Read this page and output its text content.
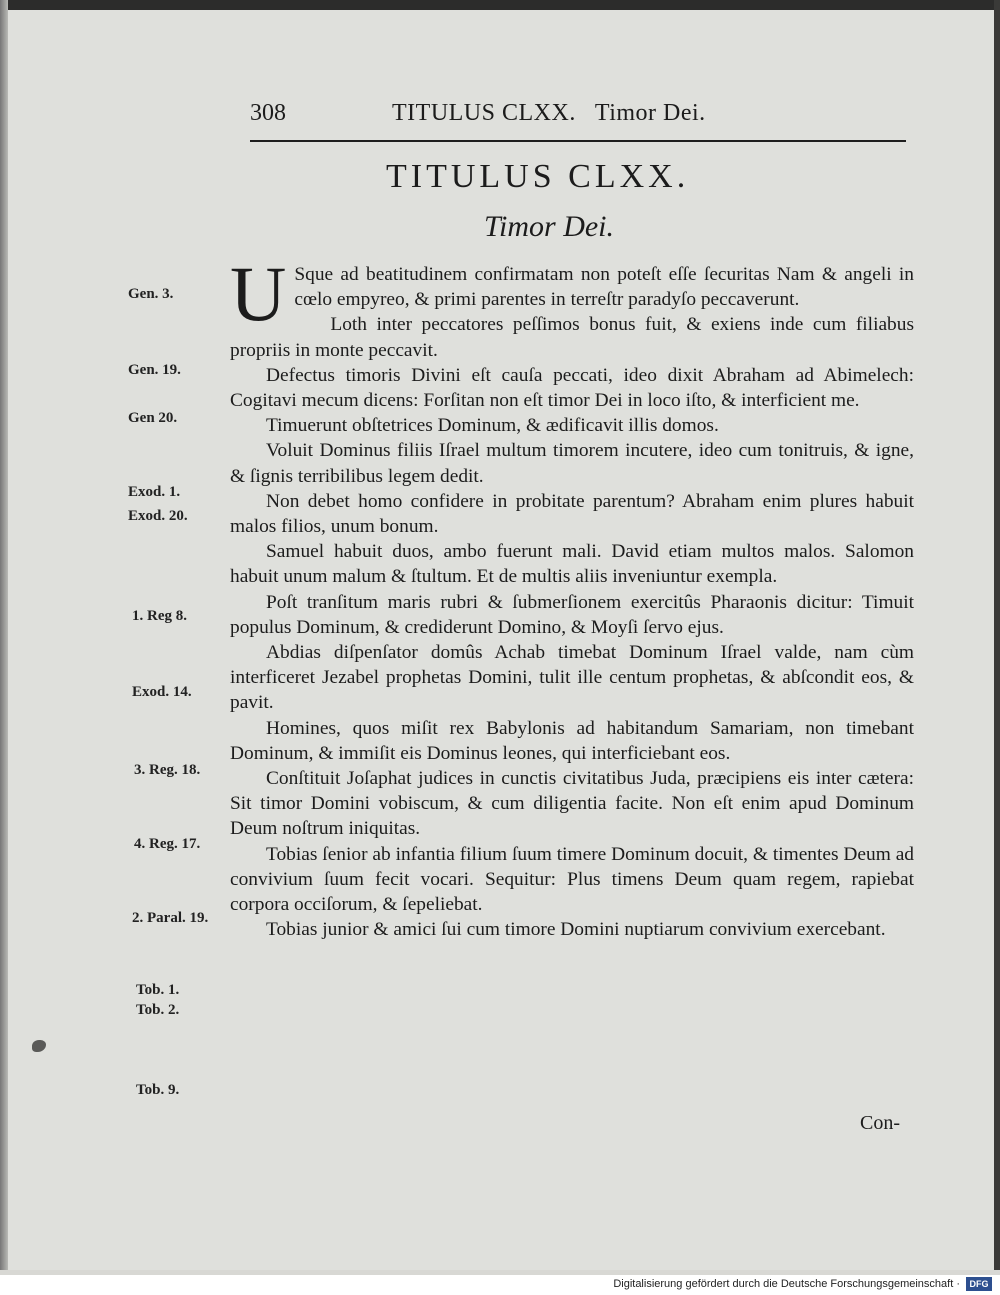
308	TITULUS CLXX.   Timor Dei.
TITULUS CLXX.
Timor Dei.
Gen. 3.
Gen. 19.
Gen 20.
Exod. 1.
Exod. 20.
1. Reg 8.
Exod. 14.
3. Reg. 18.
4. Reg. 17.
2. Paral. 19.
Tob. 1.
Tob. 2.
Tob. 9.

U Sque ad beatitudinem confirmatam non poteſt eſſe ſecuritas Nam & angeli in cœlo empyreo, & primi parentes in terreſtr paradyſo peccaverunt.

Loth inter peccatores peſſimos bonus fuit, & exiens inde cum filiabus propriis in monte peccavit.

Defectus timoris Divini eſt cauſa peccati, ideo dixit Abraham ad Abimelech: Cogitavi mecum dicens: Forſitan non eſt timor Dei in loco iſto, & interficient me.

Timuerunt obſtetrices Dominum, & ædificavit illis domos.

Voluit Dominus filiis Iſrael multum timorem incutere, ideo cum tonitruis, & igne, & ſignis terribilibus legem dedit.

Non debet homo confidere in probitate parentum? Abraham enim plures habuit malos filios, unum bonum.

Samuel habuit duos, ambo fuerunt mali. David etiam multos malos. Salomon habuit unum malum & ſtultum. Et de multis aliis inveniuntur exempla.

Poſt tranſitum maris rubri & ſubmerſionem exercitûs Pharaonis dicitur: Timuit populus Dominum, & crediderunt Domino, & Moyſi ſervo ejus.

Abdias diſpenſator domûs Achab timebat Dominum Iſrael valde, nam cùm interficeret Jezabel prophetas Domini, tulit ille centum prophetas, & abſcondit eos, & pavit.

Homines, quos miſit rex Babylonis ad habitandum Samariam, non timebant Dominum, & immiſit eis Dominus leones, qui interficiebant eos.

Conſtituit Joſaphat judices in cunctis civitatibus Juda, præcipiens eis inter cætera: Sit timor Domini vobiscum, & cum diligentia facite. Non eſt enim apud Dominum Deum noſtrum iniquitas.

Tobias ſenior ab infantia filium ſuum timere Dominum docuit, & timentes Deum ad convivium ſuum fecit vocari. Sequitur: Plus timens Deum quam regem, rapiebat corpora occiſorum, & ſepeliebat.

Tobias junior & amici ſui cum timore Domini nuptiarum convivium exercebant.

Con-
Digitalisierung gefördert durch die Deutsche Forschungsgemeinschaft ·	DFG
